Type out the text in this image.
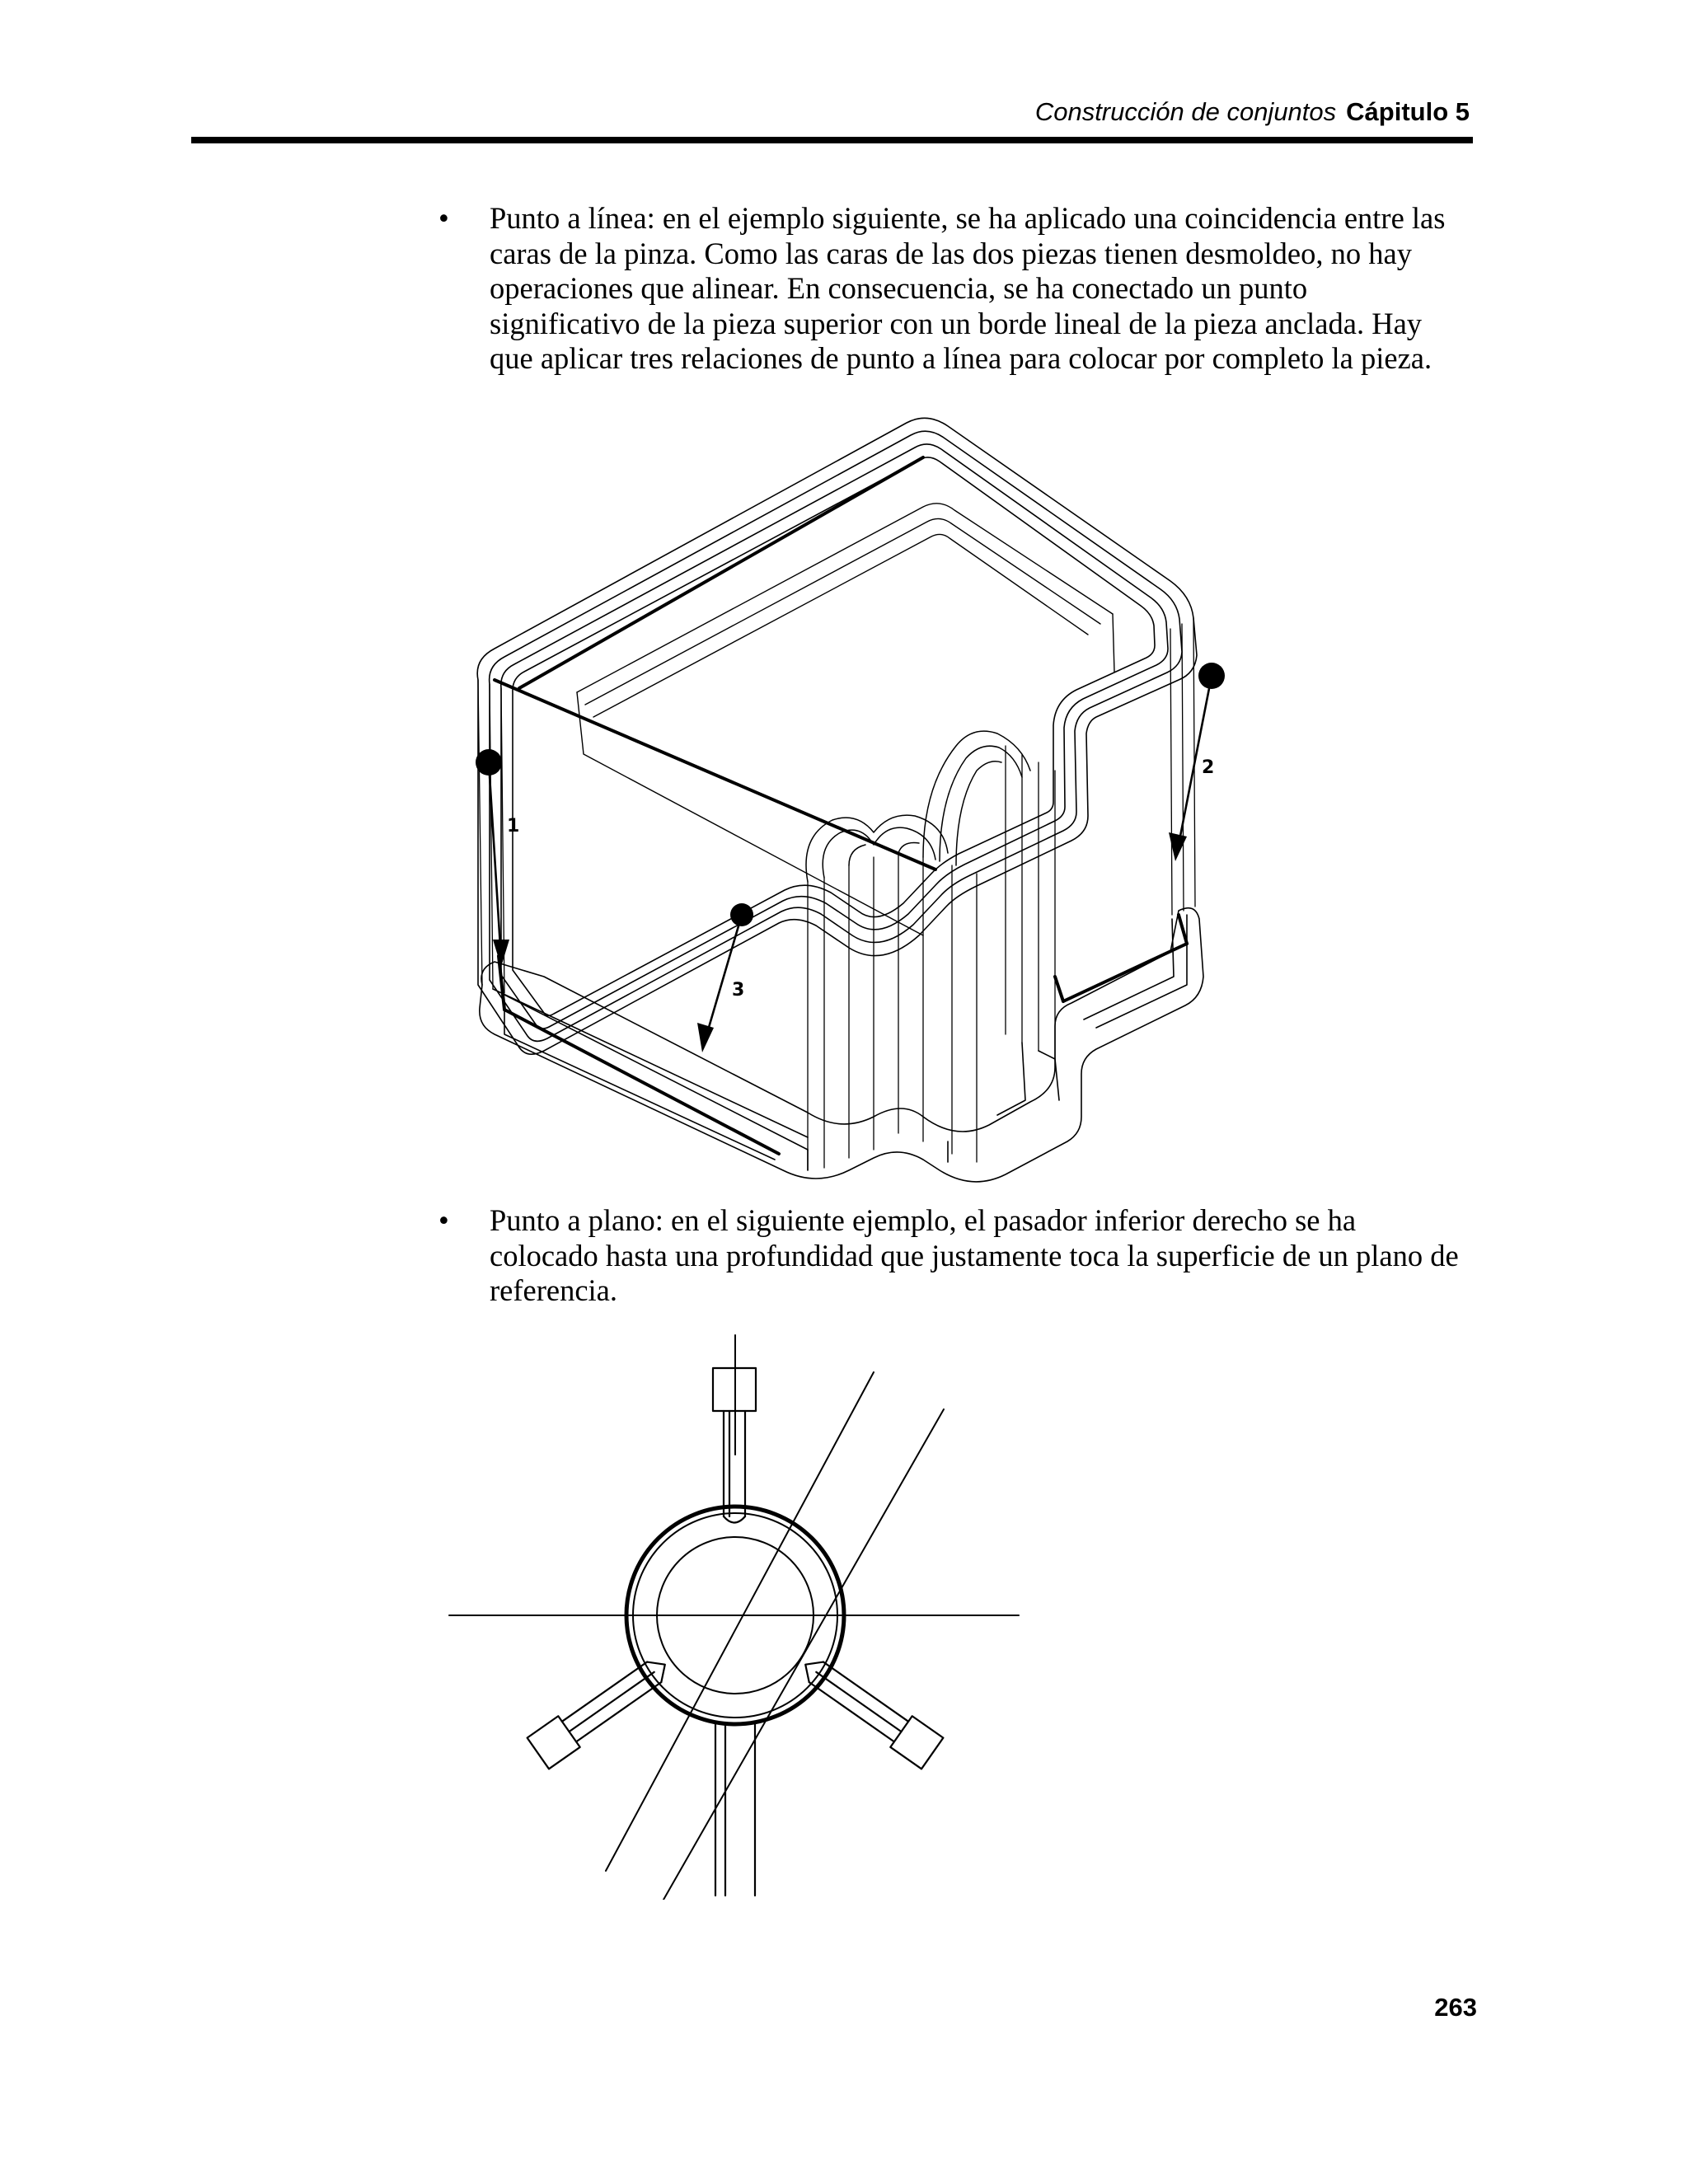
Construcción de conjuntos Cápitulo 5
•	Punto a línea: en el ejemplo siguiente, se ha aplicado una coincidencia entre las
caras de la pinza. Como las caras de las dos piezas tienen desmoldeo, no hay
operaciones que alinear. En consecuencia, se ha conectado un punto
significativo de la pieza superior con un borde lineal de la pieza anclada. Hay
que aplicar tres relaciones de punto a línea para colocar por completo la pieza.
1
2
3
•	Punto a plano: en el siguiente ejemplo, el pasador inferior derecho se ha
colocado hasta una profundidad que justamente toca la superficie de un plano de
referencia.
263
